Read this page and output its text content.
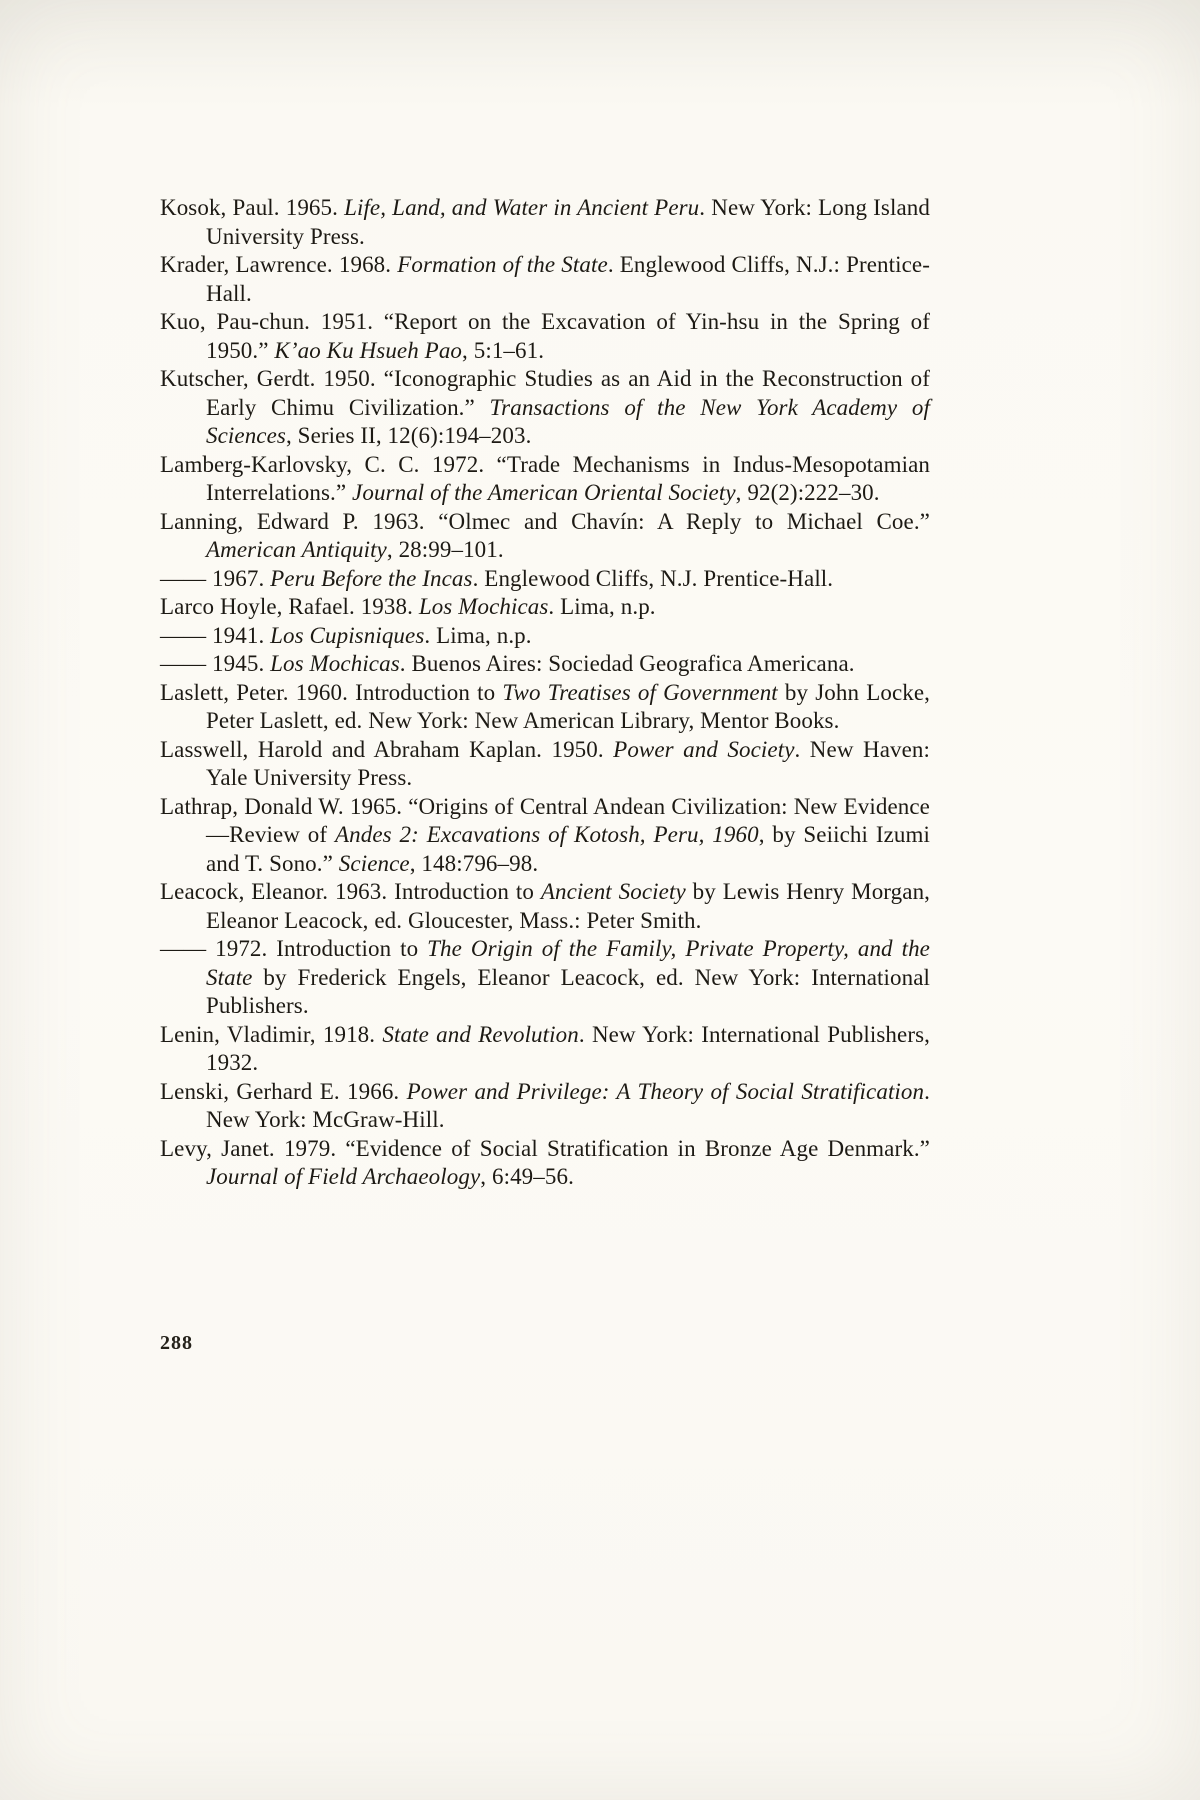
Kosok, Paul. 1965. Life, Land, and Water in Ancient Peru. New York: Long Island University Press.
Krader, Lawrence. 1968. Formation of the State. Englewood Cliffs, N.J.: Prentice-Hall.
Kuo, Pau-chun. 1951. “Report on the Excavation of Yin-hsu in the Spring of 1950.” K’ao Ku Hsueh Pao, 5:1–61.
Kutscher, Gerdt. 1950. “Iconographic Studies as an Aid in the Reconstruction of Early Chimu Civilization.” Transactions of the New York Academy of Sciences, Series II, 12(6):194–203.
Lamberg-Karlovsky, C. C. 1972. “Trade Mechanisms in Indus-Mesopotamian Interrelations.” Journal of the American Oriental Society, 92(2):222–30.
Lanning, Edward P. 1963. “Olmec and Chavín: A Reply to Michael Coe.” American Antiquity, 28:99–101.
—— 1967. Peru Before the Incas. Englewood Cliffs, N.J. Prentice-Hall.
Larco Hoyle, Rafael. 1938. Los Mochicas. Lima, n.p.
—— 1941. Los Cupisniques. Lima, n.p.
—— 1945. Los Mochicas. Buenos Aires: Sociedad Geografica Americana.
Laslett, Peter. 1960. Introduction to Two Treatises of Government by John Locke, Peter Laslett, ed. New York: New American Library, Mentor Books.
Lasswell, Harold and Abraham Kaplan. 1950. Power and Society. New Haven: Yale University Press.
Lathrap, Donald W. 1965. “Origins of Central Andean Civilization: New Evidence—Review of Andes 2: Excavations of Kotosh, Peru, 1960, by Seiichi Izumi and T. Sono.” Science, 148:796–98.
Leacock, Eleanor. 1963. Introduction to Ancient Society by Lewis Henry Morgan, Eleanor Leacock, ed. Gloucester, Mass.: Peter Smith.
—— 1972. Introduction to The Origin of the Family, Private Property, and the State by Frederick Engels, Eleanor Leacock, ed. New York: International Publishers.
Lenin, Vladimir, 1918. State and Revolution. New York: International Publishers, 1932.
Lenski, Gerhard E. 1966. Power and Privilege: A Theory of Social Stratification. New York: McGraw-Hill.
Levy, Janet. 1979. “Evidence of Social Stratification in Bronze Age Denmark.” Journal of Field Archaeology, 6:49–56.
288
